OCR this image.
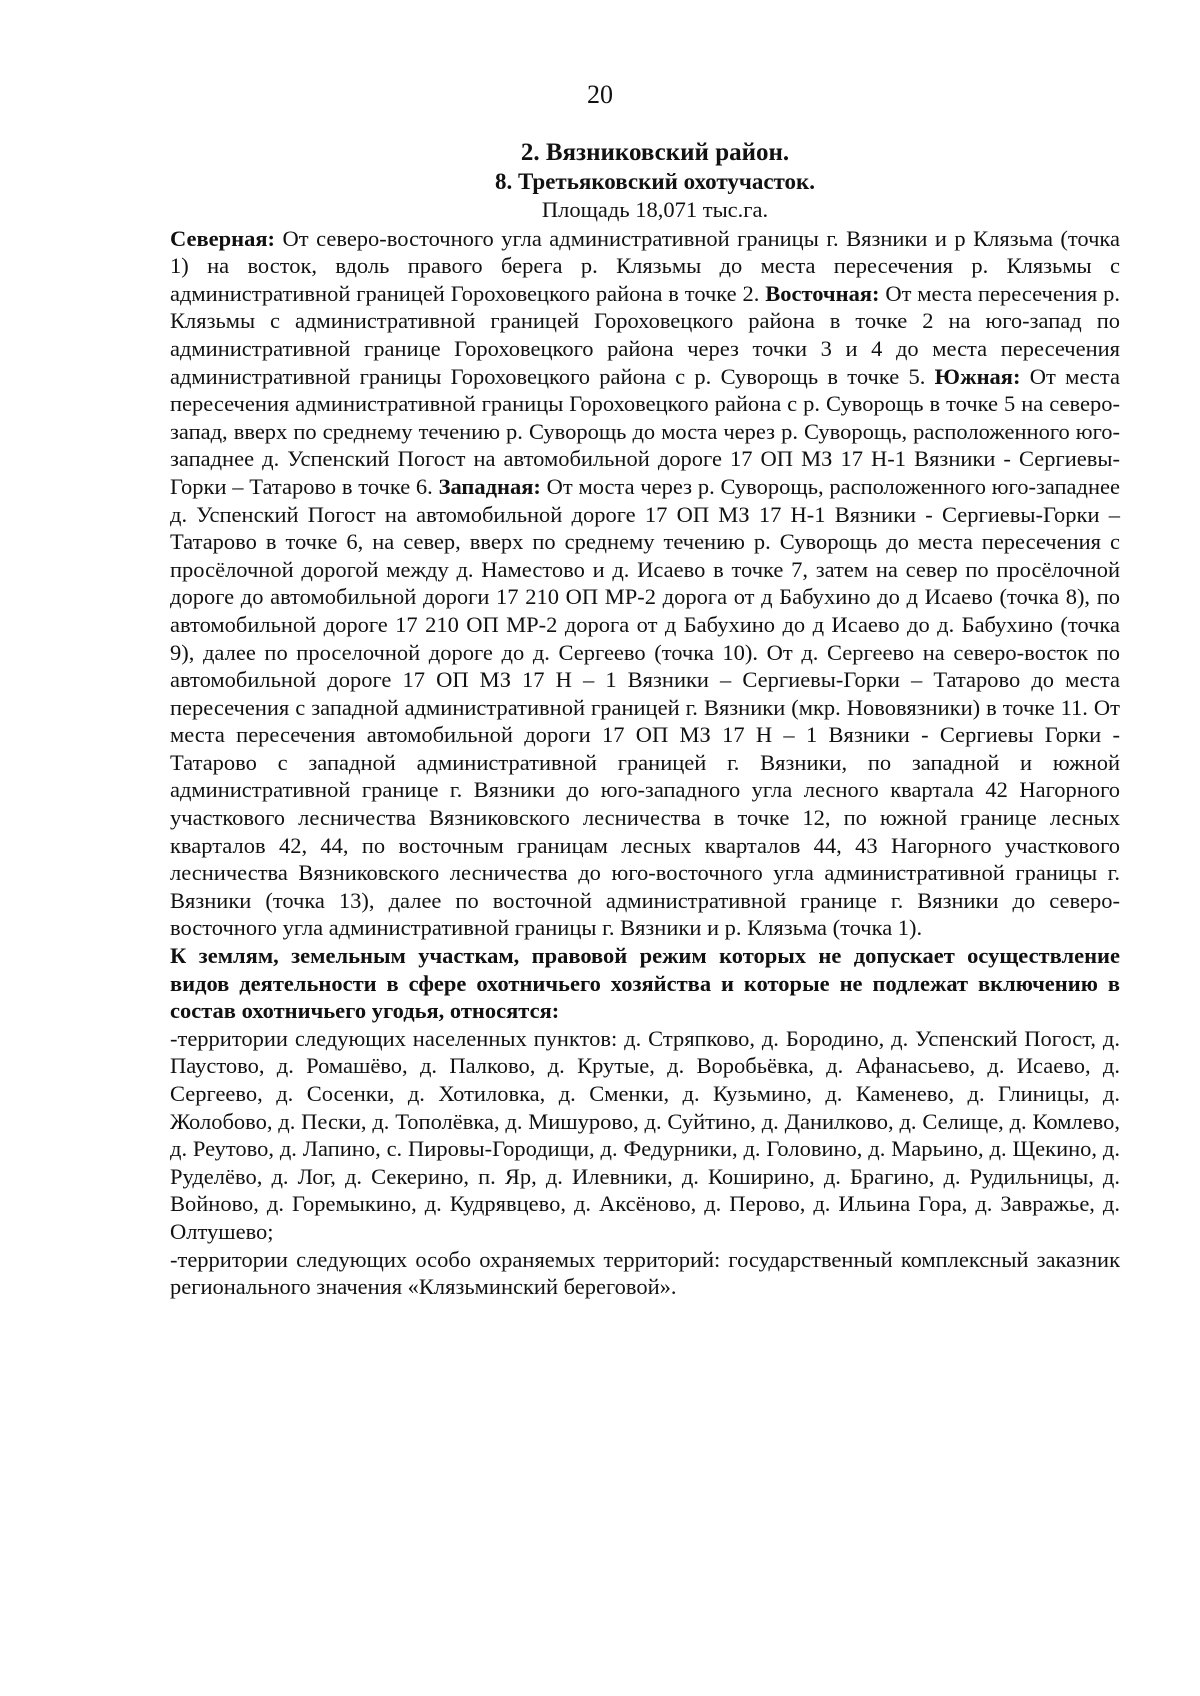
20
2. Вязниковский район.
8. Третьяковский охотучасток.
Площадь 18,071 тыс.га.

Северная: От северо-восточного угла административной границы г. Вязники и р Клязьма (точка 1) на восток, вдоль правого берега р. Клязьмы до места пересечения р. Клязьмы с административной границей Гороховецкого района в точке 2. Восточная: От места пересечения р. Клязьмы с административной границей Гороховецкого района в точке 2 на юго-запад по административной границе Гороховецкого района через точки 3 и 4 до места пересечения административной границы Гороховецкого района с р. Суворощь в точке 5. Южная: От места пересечения административной границы Гороховецкого района с р. Суворощь в точке 5 на северо-запад, вверх по среднему течению р. Суворощь до моста через р. Суворощь, расположенного юго-западнее д. Успенский Погост на автомобильной дороге 17 ОП МЗ 17 Н-1 Вязники - Сергиевы-Горки – Татарово в точке 6. Западная: От моста через р. Суворощь, расположенного юго-западнее д. Успенский Погост на автомобильной дороге 17 ОП МЗ 17 Н-1 Вязники - Сергиевы-Горки – Татарово в точке 6, на север, вверх по среднему течению р. Суворощь до места пересечения с просёлочной дорогой между д. Наместово и д. Исаево в точке 7, затем на север по просёлочной дороге до автомобильной дороги 17 210 ОП МР-2 дорога от д Бабухино до д Исаево (точка 8), по автомобильной дороге 17 210 ОП МР-2 дорога от д Бабухино до д Исаево до д. Бабухино (точка 9), далее по проселочной дороге до д. Сергеево (точка 10). От д. Сергеево на северо-восток по автомобильной дороге 17 ОП МЗ 17 Н – 1 Вязники – Сергиевы-Горки – Татарово до места пересечения с западной административной границей г. Вязники (мкр. Нововязники) в точке 11. От места пересечения автомобильной дороги 17 ОП МЗ 17 Н – 1 Вязники - Сергиевы Горки - Татарово с западной административной границей г. Вязники, по западной и южной административной границе г. Вязники до юго-западного угла лесного квартала 42 Нагорного участкового лесничества Вязниковского лесничества в точке 12, по южной границе лесных кварталов 42, 44, по восточным границам лесных кварталов 44, 43 Нагорного участкового лесничества Вязниковского лесничества до юго-восточного угла административной границы г. Вязники (точка 13), далее по восточной административной границе г. Вязники до северо-восточного угла административной границы г. Вязники и р. Клязьма (точка 1).

К землям, земельным участкам, правовой режим которых не допускает осуществление видов деятельности в сфере охотничьего хозяйства и которые не подлежат включению в состав охотничьего угодья, относятся:

-территории следующих населенных пунктов: д. Стряпково, д. Бородино, д. Успенский Погост, д. Паустово, д. Ромашёво, д. Палково, д. Крутые, д. Воробьёвка, д. Афанасьево, д. Исаево, д. Сергеево, д. Сосенки, д. Хотиловка, д. Сменки, д. Кузьмино, д. Каменево, д. Глиницы, д. Жолобово, д. Пески, д. Тополёвка, д. Мишурово, д. Суйтино, д. Данилково, д. Селище, д. Комлево, д. Реутово, д. Лапино, с. Пировы-Городищи, д. Федурники, д. Головино, д. Марьино, д. Щекино, д. Руделёво, д. Лог, д. Секерино, п. Яр, д. Илевники, д. Коширино, д. Брагино, д. Рудильницы, д. Войново, д. Горемыкино, д. Кудрявцево, д. Аксёново, д. Перово, д. Ильина Гора, д. Завражье, д. Олтушево;

-территории следующих особо охраняемых территорий: государственный комплексный заказник регионального значения «Клязьминский береговой».
